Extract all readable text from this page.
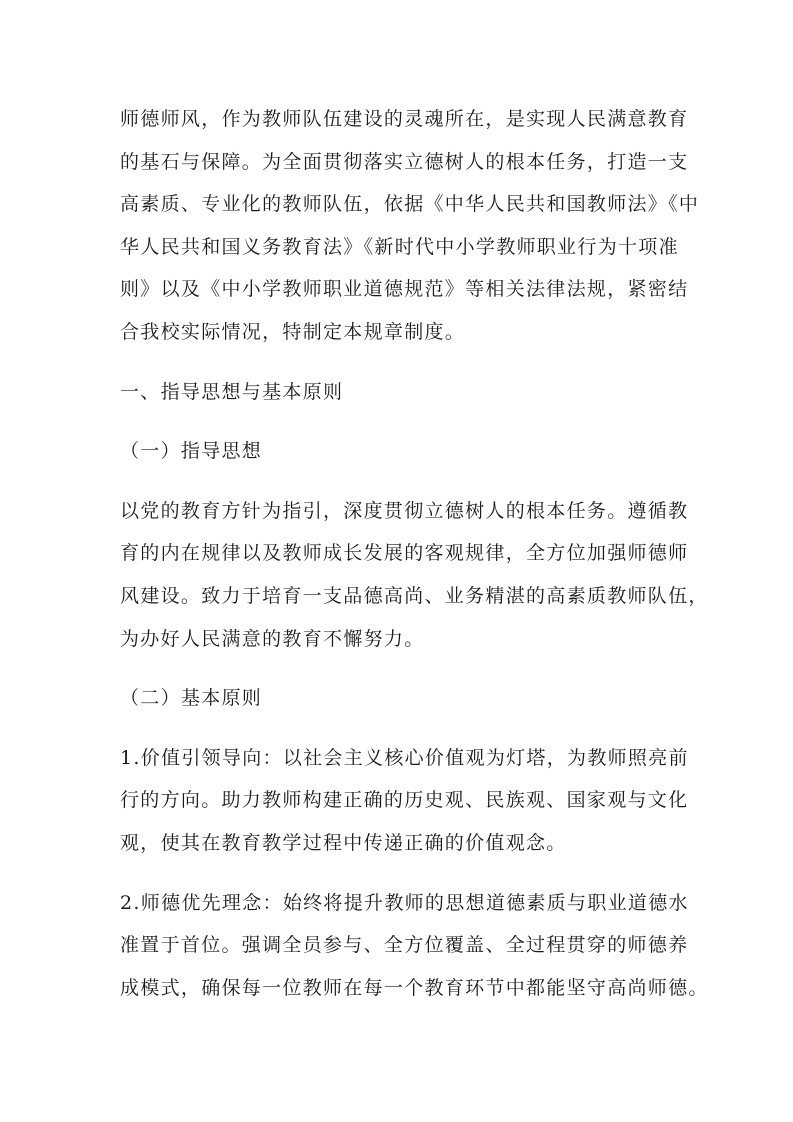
师德师风，作为教师队伍建设的灵魂所在，是实现人民满意教育
的基石与保障。为全面贯彻落实立德树人的根本任务，打造一支
高素质、专业化的教师队伍，依据《中华人民共和国教师法》《中
华人民共和国义务教育法》《新时代中小学教师职业行为十项准
则》以及《中小学教师职业道德规范》等相关法律法规，紧密结
合我校实际情况，特制定本规章制度。
一、指导思想与基本原则
（一）指导思想
以党的教育方针为指引，深度贯彻立德树人的根本任务。遵循教
育的内在规律以及教师成长发展的客观规律，全方位加强师德师
风建设。致力于培育一支品德高尚、业务精湛的高素质教师队伍，
为办好人民满意的教育不懈努力。
（二）基本原则
1.价值引领导向：以社会主义核心价值观为灯塔，为教师照亮前
行的方向。助力教师构建正确的历史观、民族观、国家观与文化
观，使其在教育教学过程中传递正确的价值观念。
2.师德优先理念：始终将提升教师的思想道德素质与职业道德水
准置于首位。强调全员参与、全方位覆盖、全过程贯穿的师德养
成模式，确保每一位教师在每一个教育环节中都能坚守高尚师德。
